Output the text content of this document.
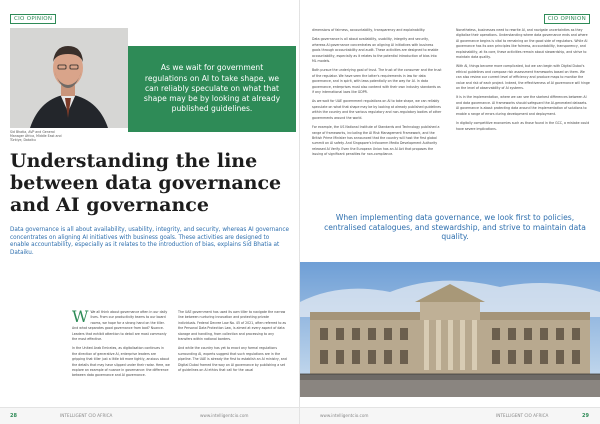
CIO OPINION
Sid Bhatia, AVP and General Manager Africa, Middle East and Türkiye, Dataiku

As we wait for government regulations on AI to take shape, we can reliably speculate on what that shape may be by looking at already published guidelines.

Understanding the line between data governance and AI governance

Data governance is all about availability, usability, integrity, and security, whereas AI governance concentrates on aligning AI initiatives with business goals. These activities are designed to enable accountability, especially as it relates to the introduction of bias, explains Sid Bhatia at Dataiku.

W We all think about governance often in our daily lives. From our productivity teams to our board rooms, we hope for a strong hand on the tiller. And what separates good governance from bad? Nuance. Leaders that exhibit attention to detail are most commonly the most effective.

In the United Arab Emirates, as digitalisation continues in the direction of generative AI, enterprise leaders are gripping that tiller just a little bit more tightly, anxious about the details that may have slipped under their radar. Here, we explore an example of nuance in governance: the difference between data governance and AI governance.

The UAE government has used its own tiller to navigate the narrow line between nurturing innovation and protecting private individuals. Federal Decree Law No. 45 of 2021, often referred to as the Personal Data Protection Law, is aimed at every aspect of data storage and handling, from collection and processing to any transfers within national borders.

And while the country has yet to enact any formal regulations surrounding AI, experts suggest that such regulations are in the pipeline. The UAE is already the first to establish an AI ministry, and Digital Dubai framed the way on AI governance by publishing a set of guidelines on AI ethics that call for the usual

28	INTELLIGENT CIO AFRICA	www.intelligentcio.com
CIO OPINION

dimensions of fairness, accountability, transparency and explainability.

Data governance is all about availability, usability, integrity and security, whereas AI governance concentrates on aligning AI initiatives with business goals through accountability and audit. These activities are designed to enable accountability, especially as it relates to the potential introduction of bias into ML models.

Both pursue the underlying goal of trust. The trust of the consumer and the trust of the regulator. We have seen the latter's requirements in law for data governance, and in spirit, with laws potentially on the way for AI. In data governance, enterprises must also contend with their own industry standards as if any international laws like GDPR.

As we wait for UAE government regulations on AI to take shape, we can reliably speculate on what that shape may be by looking at already published guidelines within the country and the various regulatory and non-regulatory bodies of other governments around the world.

For example, the US National Institute of Standards and Technology published a range of frameworks, including the AI Risk Management Framework, and the British Prime Minister has announced that the country will host the first global summit on AI safety. And Singapore's Infocomm Media Development Authority released AI Verify. Even the European Union has an AI Act that proposes the issuing of significant penalties for non-compliance.

Nonetheless, businesses need to rewrite AI, and navigate uncertainties as they digitalise their operations. Understanding where data governance ends and where AI governance begins is vital to remaining on the good side of regulators. While AI governance has its own principles like fairness, accountability, transparency, and explainability, at its core, these activities remain about stewardship, and strive to maintain data quality.

With AI, things become more complicated, but we can begin with Digital Dubai's ethical guidelines and compose risk assessment frameworks based on them. We can also review our current level of efficiency and produce maps to monitor the value and risk of each project. Indeed, the effectiveness of AI governance will hinge on the level of observability of AI systems.

It is in the implementation, where we can see the starkest differences between AI and data governance. AI frameworks should safeguard the AI-generated datasets. AI governance is about protecting data around the implementation of solutions to enable a range of errors during development and deployment.

In digitally competitive economies such as those found in the GCC, a mistake could have severe implications.

www.intelligentcio.com	INTELLIGENT CIO AFRICA	29

When implementing data governance, we look first to policies, centralised catalogues, and stewardship, and strive to maintain data quality.
